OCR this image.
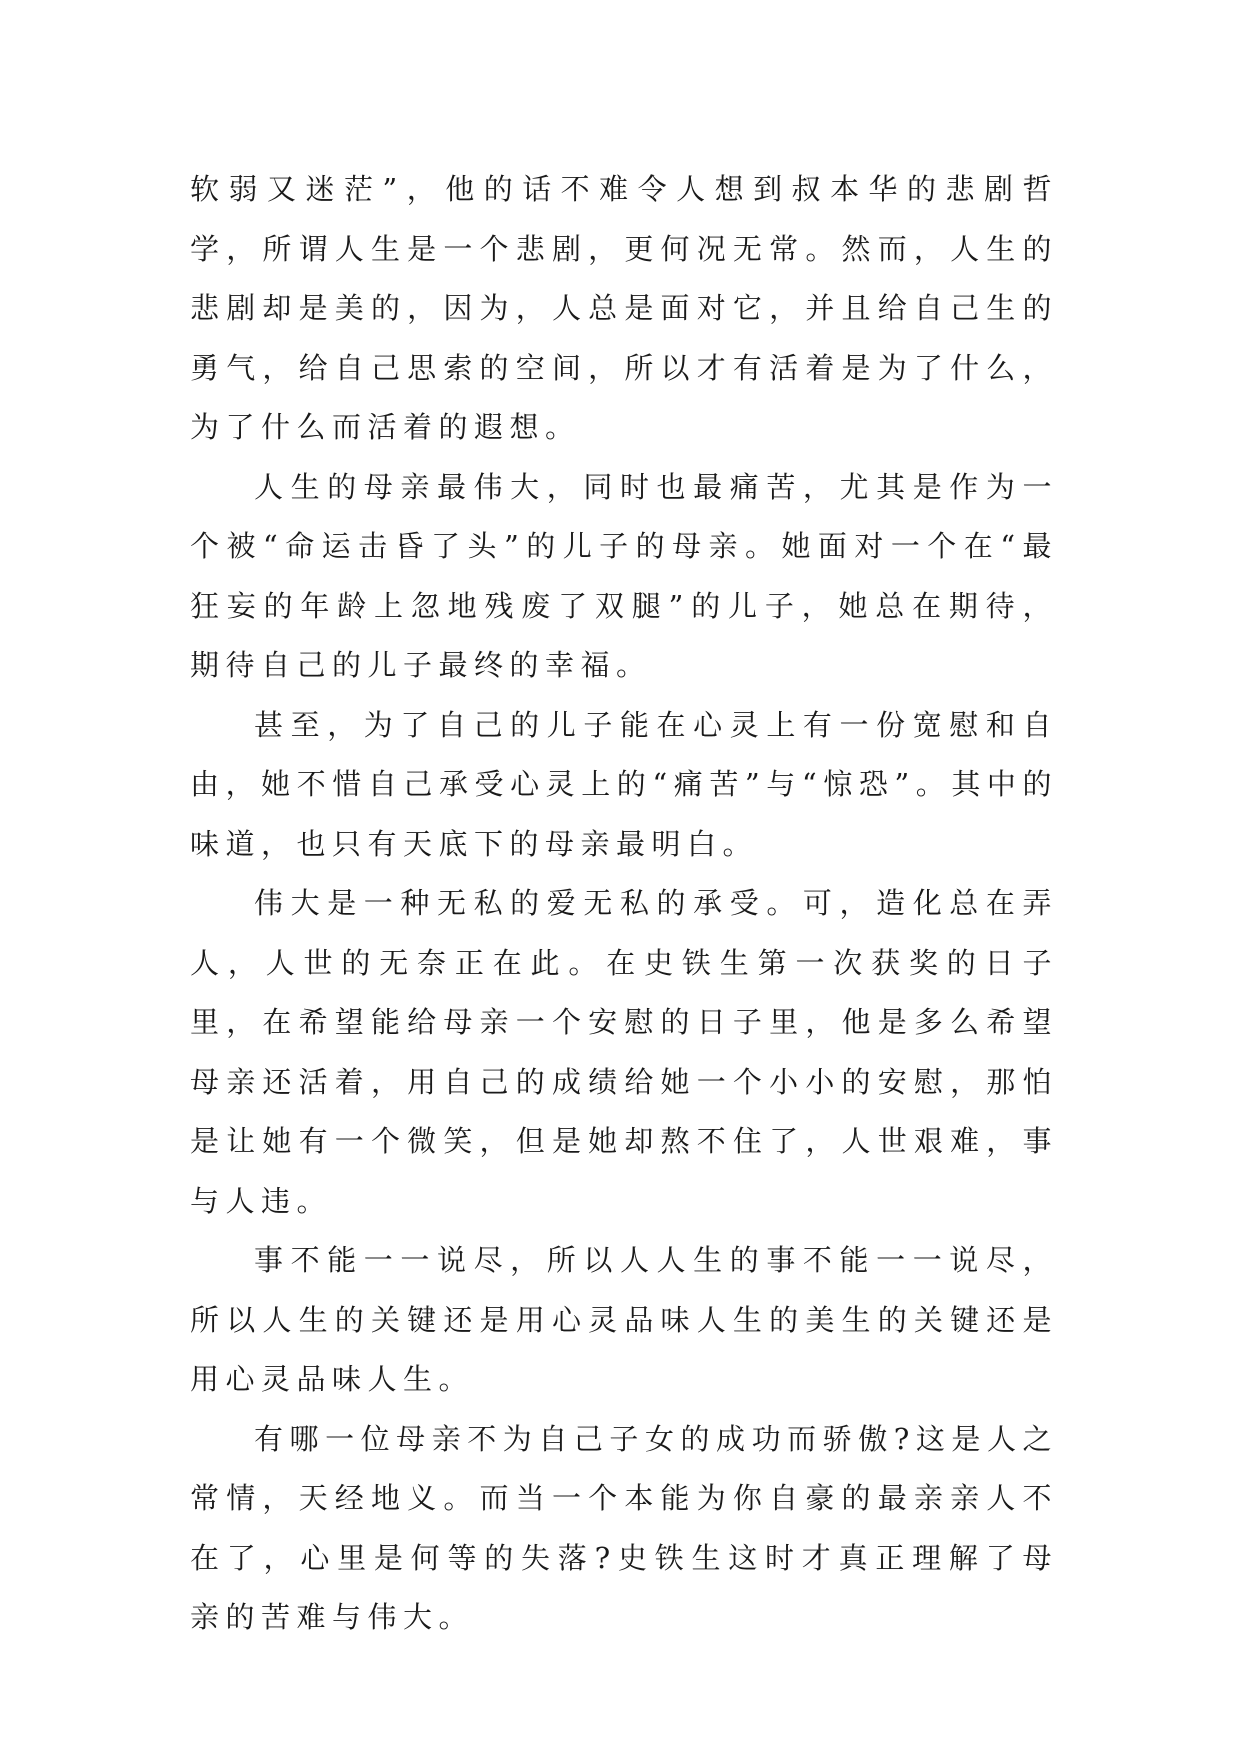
软弱又迷茫”，他的话不难令人想到叔本华的悲剧哲学，所谓人生是一个悲剧，更何况无常。然而，人生的悲剧却是美的，因为，人总是面对它，并且给自己生的勇气，给自己思索的空间，所以才有活着是为了什么，为了什么而活着的遐想。

人生的母亲最伟大，同时也最痛苦，尤其是作为一个被“命运击昏了头”的儿子的母亲。她面对一个在“最狂妄的年龄上忽地残废了双腿”的儿子，她总在期待，期待自己的儿子最终的幸福。

甚至，为了自己的儿子能在心灵上有一份宽慰和自由，她不惜自己承受心灵上的“痛苦”与“惊恐”。其中的味道，也只有天底下的母亲最明白。

伟大是一种无私的爱无私的承受。可，造化总在弄人，人世的无奈正在此。在史铁生第一次获奖的日子里，在希望能给母亲一个安慰的日子里，他是多么希望母亲还活着，用自己的成绩给她一个小小的安慰，那怕是让她有一个微笑，但是她却熬不住了，人世艰难，事与人违。

事不能一一说尽，所以人人生的事不能一一说尽，所以人生的关键还是用心灵品味人生的美生的关键还是用心灵品味人生。

有哪一位母亲不为自己子女的成功而骄傲?这是人之常情，天经地义。而当一个本能为你自豪的最亲亲人不在了，心里是何等的失落?史铁生这时才真正理解了母亲的苦难与伟大。
